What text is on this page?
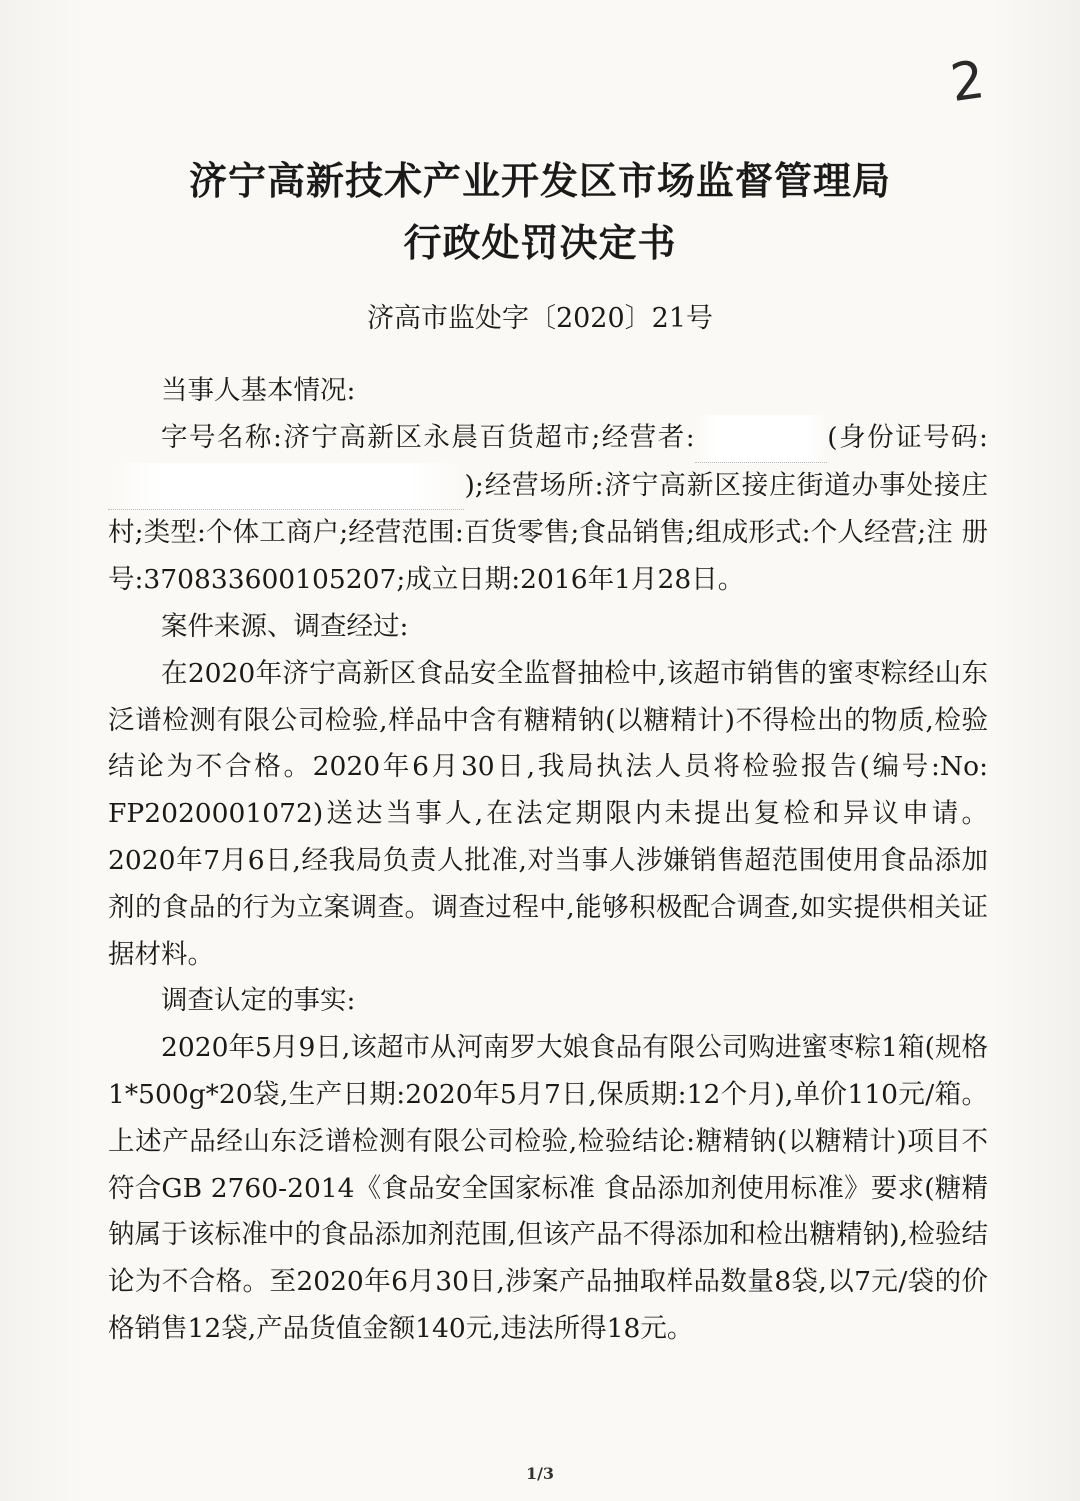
2
济宁高新技术产业开发区市场监督管理局
行政处罚决定书
济高市监处字〔2020〕21号
当事人基本情况:
字号名称:济宁高新区永晨百货超市;经营者:	(身份证号码:);经营场所:济宁高新区接庄街道办事处接庄村;类型:个体工商户;经营范围:百货零售;食品销售;组成形式:个人经营;注 册 号:370833600105207;成立日期:2016年1月28日。
案件来源、调查经过:
在2020年济宁高新区食品安全监督抽检中,该超市销售的蜜枣粽经山东泛谱检测有限公司检验,样品中含有糖精钠(以糖精计)不得检出的物质,检验结论为不合格。2020年6月30日,我局执法人员将检验报告(编号:No: FP2020001072)送达当事人,在法定期限内未提出复检和异议申请。 2020年7月6日,经我局负责人批准,对当事人涉嫌销售超范围使用食品添加剂的食品的行为立案调查。调查过程中,能够积极配合调查,如实提供相关证据材料。
调查认定的事实:
2020年5月9日,该超市从河南罗大娘食品有限公司购进蜜枣粽1箱(规格1*500g*20袋,生产日期:2020年5月7日,保质期:12个月),单价110元/箱。上述产品经山东泛谱检测有限公司检验,检验结论:糖精钠(以糖精计)项目不符合GB 2760-2014《食品安全国家标准 食品添加剂使用标准》要求(糖精钠属于该标准中的食品添加剂范围,但该产品不得添加和检出糖精钠),检验结论为不合格。至2020年6月30日,涉案产品抽取样品数量8袋,以7元/袋的价格销售12袋,产品货值金额140元,违法所得18元。
1/3
